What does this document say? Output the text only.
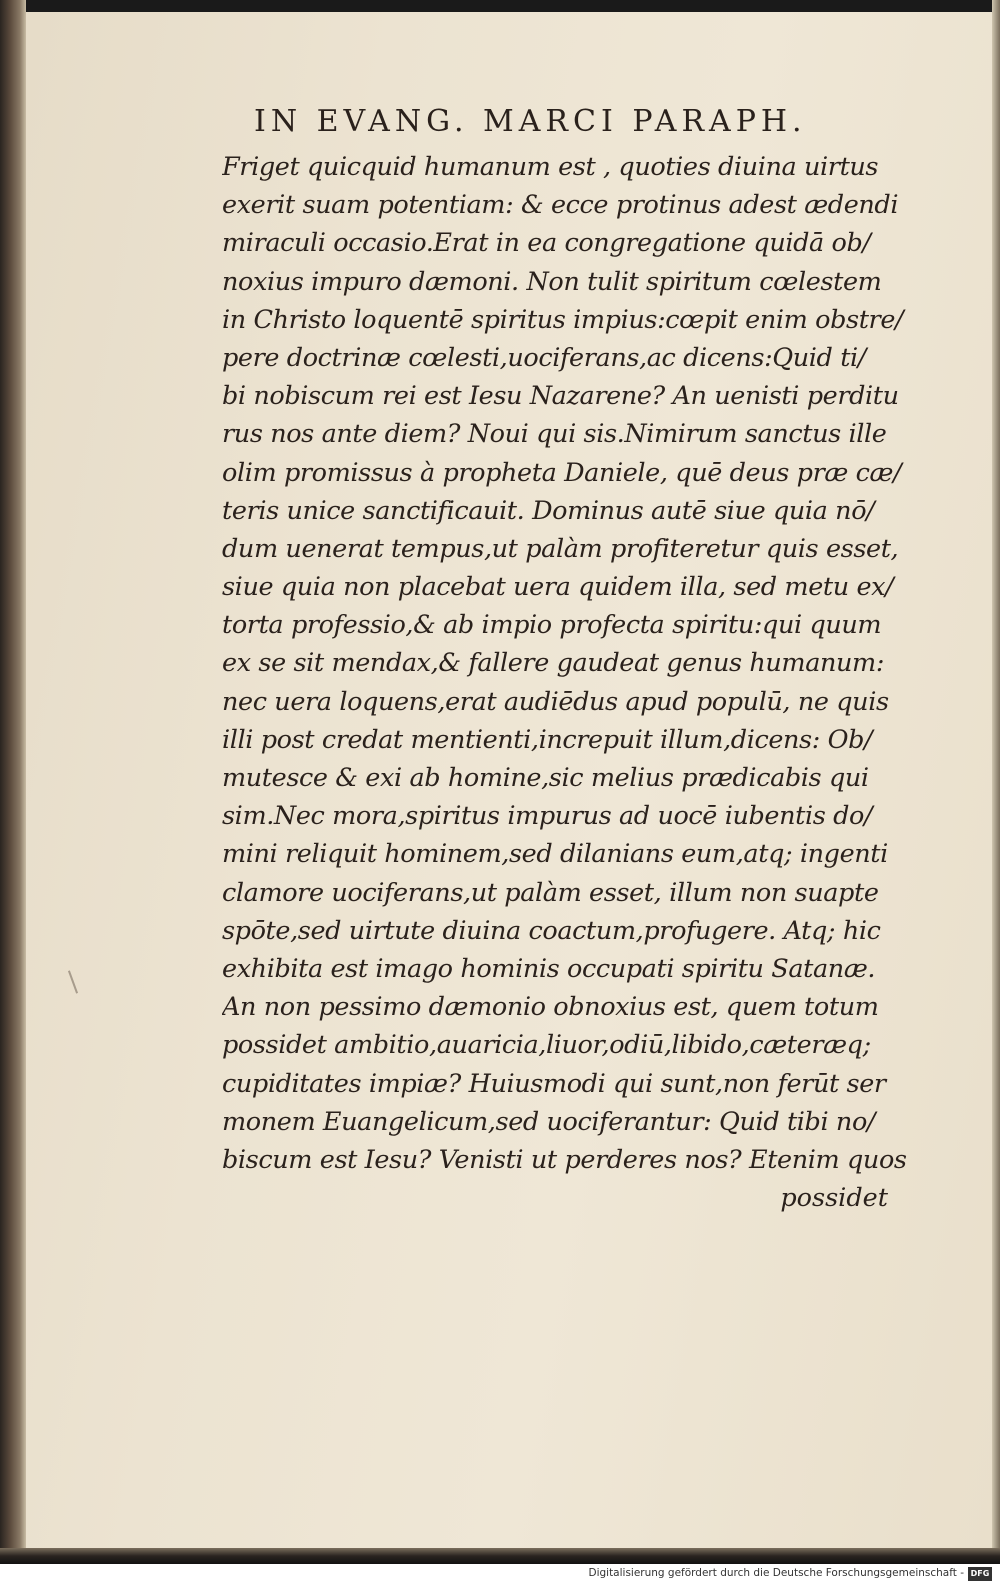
IN EVANG. MARCI PARAPH.
Friget quicquid humanum est , quoties diuina uirtus
exerit suam potentiam: & ecce protinus adest ædendi
miraculi occasio.Erat in ea congregatione quidā ob/
noxius impuro dæmoni. Non tulit spiritum cœlestem
in Christo loquentē spiritus impius:cœpit enim obstre/
pere doctrinæ cœlesti,uociferans,ac dicens:Quid ti/
bi nobiscum rei est Iesu Nazarene? An uenisti perditu
rus nos ante diem? Noui qui sis.Nimirum sanctus ille
olim promissus à propheta Daniele, quē deus præ cæ/
teris unice sanctificauit. Dominus autē siue quia nō/
dum uenerat tempus,ut palàm profiteretur quis esset,
siue quia non placebat uera quidem illa, sed metu ex/
torta professio,& ab impio profecta spiritu:qui quum
ex se sit mendax,& fallere gaudeat genus humanum:
nec uera loquens,erat audiēdus apud populū, ne quis
illi post credat mentienti,increpuit illum,dicens: Ob/
mutesce & exi ab homine,sic melius prædicabis qui
sim.Nec mora,spiritus impurus ad uocē iubentis do/
mini reliquit hominem,sed dilanians eum,atq; ingenti
clamore uociferans,ut palàm esset, illum non suapte
spōte,sed uirtute diuina coactum,profugere. Atq; hic
exhibita est imago hominis occupati spiritu Satanæ.
An non pessimo dæmonio obnoxius est, quem totum
possidet ambitio,auaricia,liuor,odiū,libido,cæteræq;
cupiditates impiæ? Huiusmodi qui sunt,non ferūt ser
monem Euangelicum,sed uociferantur: Quid tibi no/
biscum est Iesu? Venisti ut perderes nos? Etenim quos
possidet
Digitalisierung gefördert durch die Deutsche Forschungsgemeinschaft - DFG
